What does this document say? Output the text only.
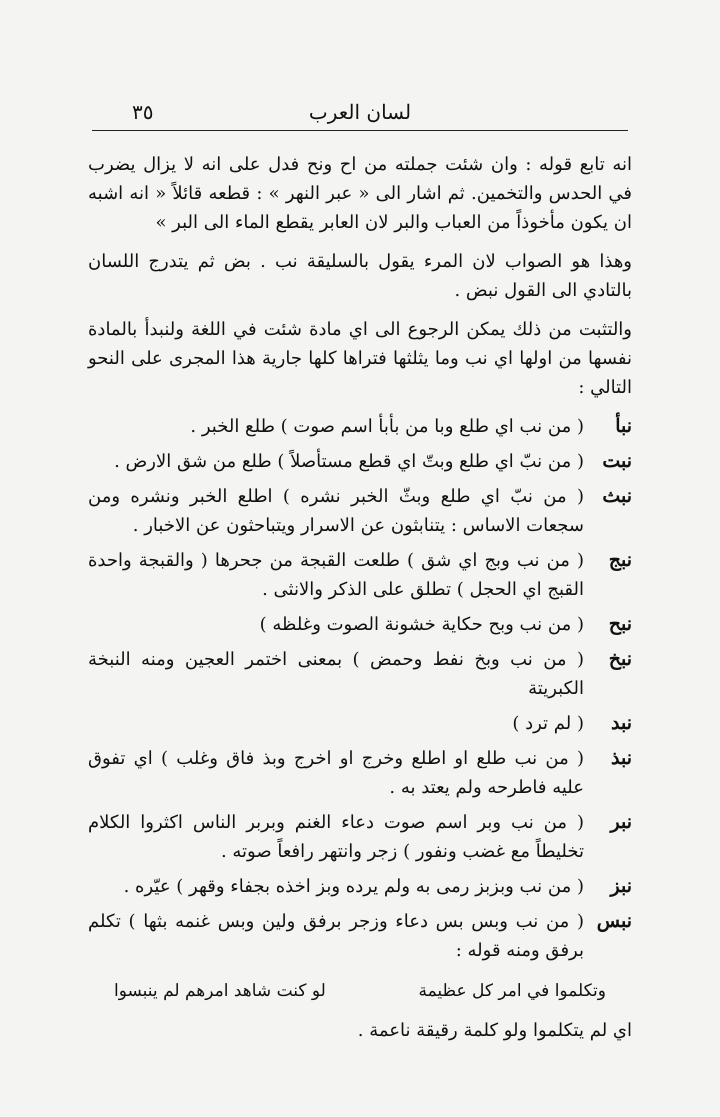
لسان العرب
٣٥

انه تابع قوله : وان شئت جملته من اح ونح فدل على انه لا يزال يضرب في الحدس والتخمين. ثم اشار الى « عبر النهر » : قطعه قائلاً « انه اشبه ان يكون مأخوذاً من العباب والبر لان العابر يقطع الماء الى البر »

وهذا هو الصواب لان المرء يقول بالسليقة نب . بض ثم يتدرج اللسان بالتادي الى القول نبض .

والتثبت من ذلك يمكن الرجوع الى اي مادة شئت في اللغة ولنبدأ بالمادة نفسها من اولها اي نب وما يثلثها فتراها كلها جارية هذا المجرى على النحو التالي :

نبأ
( من نب اي طلع وبا من بأبأ اسم صوت ) طلع الخبر .
نبت
( من نبّ اي طلع وبتّ اي قطع مستأصلاً ) طلع من شق الارض .
نبث
( من نبّ اي طلع وبثّ الخبر نشره ) اطلع الخبر ونشره ومن سجعات الاساس : يتنابثون عن الاسرار ويتباحثون عن الاخبار .
نبج
( من نب وبج اي شق ) طلعت القبجة من جحرها ( والقبجة واحدة القبج اي الحجل ) تطلق على الذكر والانثى .
نبح
( من نب وبح حكاية خشونة الصوت وغلظه )
نبخ
( من نب وبخ نفط وحمض ) بمعنى اختمر العجين ومنه النبخة الكبريتة
نبد
( لم ترد )
نبذ
( من نب طلع او اطلع وخرج او اخرج وبذ فاق وغلب ) اي تفوق عليه فاطرحه ولم يعتد به .
نبر
( من نب وبر اسم صوت دعاء الغنم وبربر الناس اكثروا الكلام تخليطاً مع غضب ونفور ) زجر وانتهر رافعاً صوته .
نبز
( من نب وبزبز رمى به ولم يرده وبز اخذه بجفاء وقهر ) عيّره .
نبس
( من نب وبس بس دعاء وزجر برفق ولين وبس غنمه بثها ) تكلم برفق ومنه قوله :
وتكلموا في امر كل عظيمة
لو كنت شاهد امرهم لم ينبسوا

اي لم يتكلموا ولو كلمة رقيقة ناعمة .
